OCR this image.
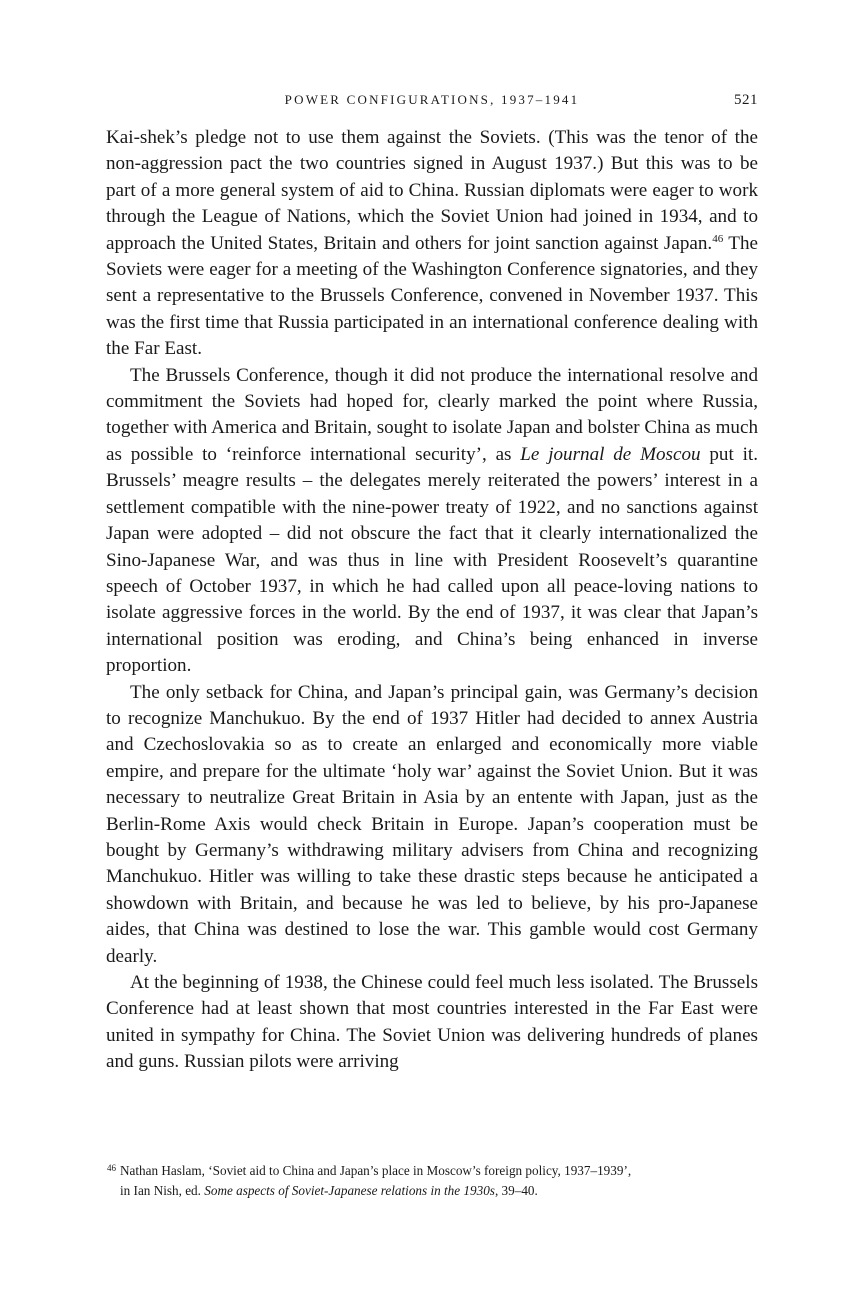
POWER CONFIGURATIONS, 1937–1941	521

Kai-shek’s pledge not to use them against the Soviets. (This was the tenor of the non-aggression pact the two countries signed in August 1937.) But this was to be part of a more general system of aid to China. Russian diplomats were eager to work through the League of Nations, which the Soviet Union had joined in 1934, and to approach the United States, Britain and others for joint sanction against Japan.$^{46}$ The Soviets were eager for a meeting of the Washington Conference signatories, and they sent a representative to the Brussels Conference, convened in November 1937. This was the first time that Russia participated in an international conference dealing with the Far East.

The Brussels Conference, though it did not produce the international resolve and commitment the Soviets had hoped for, clearly marked the point where Russia, together with America and Britain, sought to isolate Japan and bolster China as much as possible to ‘reinforce international security’, as Le journal de Moscou put it. Brussels’ meagre results – the delegates merely reiterated the powers’ interest in a settlement compatible with the nine-power treaty of 1922, and no sanctions against Japan were adopted – did not obscure the fact that it clearly internationalized the Sino-Japanese War, and was thus in line with President Roosevelt’s quarantine speech of October 1937, in which he had called upon all peace-loving nations to isolate aggressive forces in the world. By the end of 1937, it was clear that Japan’s international position was eroding, and China’s being enhanced in inverse proportion.

The only setback for China, and Japan’s principal gain, was Germany’s decision to recognize Manchukuo. By the end of 1937 Hitler had decided to annex Austria and Czechoslovakia so as to create an enlarged and economically more viable empire, and prepare for the ultimate ‘holy war’ against the Soviet Union. But it was necessary to neutralize Great Britain in Asia by an entente with Japan, just as the Berlin-Rome Axis would check Britain in Europe. Japan’s cooperation must be bought by Germany’s withdrawing military advisers from China and recognizing Manchukuo. Hitler was willing to take these drastic steps because he anticipated a showdown with Britain, and because he was led to believe, by his pro-Japanese aides, that China was destined to lose the war. This gamble would cost Germany dearly.

At the beginning of 1938, the Chinese could feel much less isolated. The Brussels Conference had at least shown that most countries interested in the Far East were united in sympathy for China. The Soviet Union was delivering hundreds of planes and guns. Russian pilots were arriving

$^{46}$ Nathan Haslam, ‘Soviet aid to China and Japan’s place in Moscow’s foreign policy, 1937–1939’,
in Ian Nish, ed. Some aspects of Soviet-Japanese relations in the 1930s, 39–40.
